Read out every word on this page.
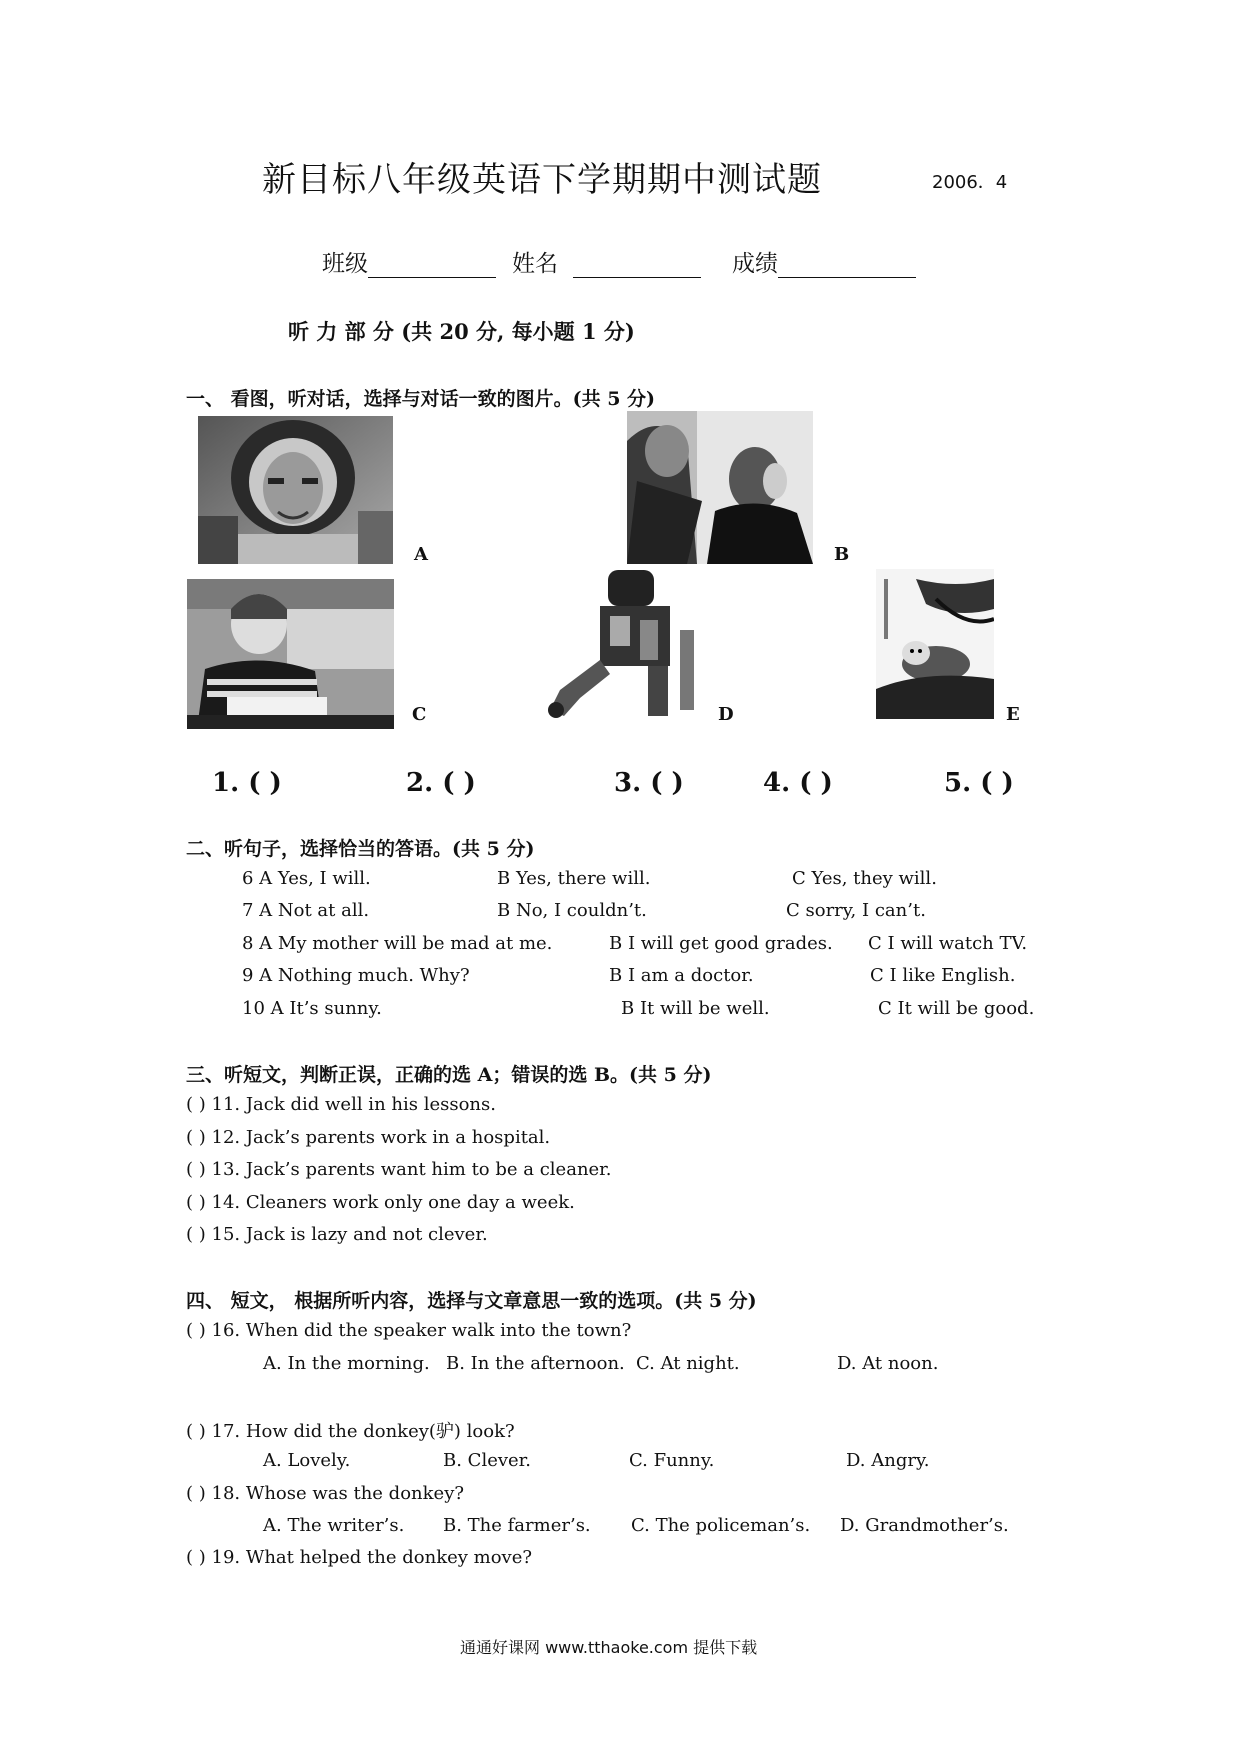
新目标八年级英语下学期期中测试题	2006．4
班级	姓名	成绩
听 力 部 分 (共 20 分, 每小题 1 分)
一、 看图，听对话，选择与对话一致的图片。(共 5 分)
A	B
C	D	E
1. ( )	2. ( )	3. ( )	4. ( )	5. ( )
二、听句子，选择恰当的答语。(共 5 分)
6 A Yes, I will.	B Yes, there will.	C Yes, they will.
7 A Not at all.	B No, I couldn’t.	C sorry, I can’t.
8 A My mother will be mad at me.	B I will get good grades. C I will watch TV.
9 A Nothing much. Why?	B I am a doctor.	C I like English.
10 A It’s sunny.	B It will be well.	C It will be good.
三、听短文，判断正误，正确的选 A；错误的选 B。(共 5 分)
( ) 11. Jack did well in his lessons.
( ) 12. Jack’s parents work in a hospital.
( ) 13. Jack’s parents want him to be a cleaner.
( ) 14. Cleaners work only one day a week.
( ) 15. Jack is lazy and not clever.
四、 短文， 根据所听内容，选择与文章意思一致的选项。(共 5 分)
( ) 16. When did the speaker walk into the town?
A. In the morning. B. In the afternoon. C. At night.	D. At noon.
( ) 17. How did the donkey(驴) look?
A. Lovely.	B. Clever.	C. Funny.	D. Angry.
( ) 18. Whose was the donkey?
A. The writer’s. B. The farmer’s. C. The policeman’s. D. Grandmother’s.
( ) 19. What helped the donkey move?
通通好课网 www.tthaoke.com 提供下载
